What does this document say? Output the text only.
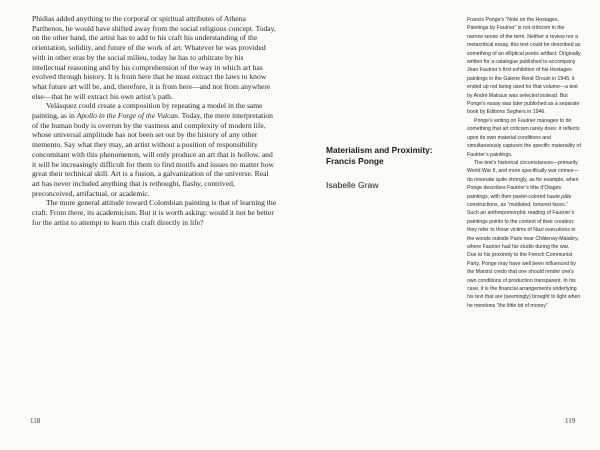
Phidias added anything to the corporal or spiritual attributes of Athena Parthenos, he would have shifted away from the social religious concept. Today, on the other hand, the artist has to add to his craft his understanding of the orientation, solidity, and future of the work of art. Whatever he was provided with in other eras by the social milieu, today he has to arbitrate by his intellectual reasoning and by his comprehension of the way in which art has evolved through history. It is from here that he must extract the laws to know what future art will be, and, therefore, it is from here—and not from anywhere else—that he will extract his own artist’s path.

Velásquez could create a composition by repeating a model in the same painting, as in Apollo in the Forge of the Vulcan. Today, the mere interpretation of the human body is overrun by the vastness and complexity of modern life, whose universal amplitude has not been set out by the history of any other memento. Say what they may, an artist without a position of responsibility concomitant with this phenomenon, will only produce an art that is hollow, and it will be increasingly difficult for them to find motifs and issues no matter how great their technical skill. Art is a fusion, a galvanization of the universe. Real art has never included anything that is rethought, flashy, contrived, preconceived, artifactual, or academic.

The more general attitude toward Colombian painting is that of learning the craft. From there, its academicism. But it is worth asking: would it not be better for the artist to attempt to learn this craft directly in life?

118
Materialism and Proximity: Francis Ponge

Isabelle Graw

Francis Ponge’s “Note on the Hostages, Paintings by Fautrier” is not criticism in the narrow sense of the term. Neither a review nor a metacritical essay, this text could be described as something of an elliptical poetic artifact. Originally written for a catalogue published to accompany Jean Fautrier’s first exhibition of his Hostages paintings in the Galerie René Drouin in 1945, it ended up not being used for that volume—a text by André Malraux was selected instead. But Ponge’s essay was later published as a separate book by Editions Seghers in 1946.

Ponge’s writing on Fautrier manages to do something that art criticism rarely does: it reflects upon its own material conditions and simultaneously captures the specific materiality of Fautrier’s paintings.

The text’s historical circumstances—primarily World War II, and more specifically war crimes—do resonate quite strongly, as for example, when Ponge describes Fautrier’s tête d’Otages paintings, with their pastel-colored haute pâte constructions, as “mutilated, tortured faces.” Such an anthropomorphic reading of Fautrier’s paintings points to the context of their creation: they refer to those victims of Nazi executions in the woods outside Paris near Châtenay-Malabry, where Fautrier had his studio during the war.

Due to his proximity to the French Communist Party, Ponge may have well been influenced by the Marxist credo that one should render one’s own conditions of production transparent. In his case, it is the financial arrangements underlying his text that are (seemingly) brought to light when he mentions “the little bit of money”

119
